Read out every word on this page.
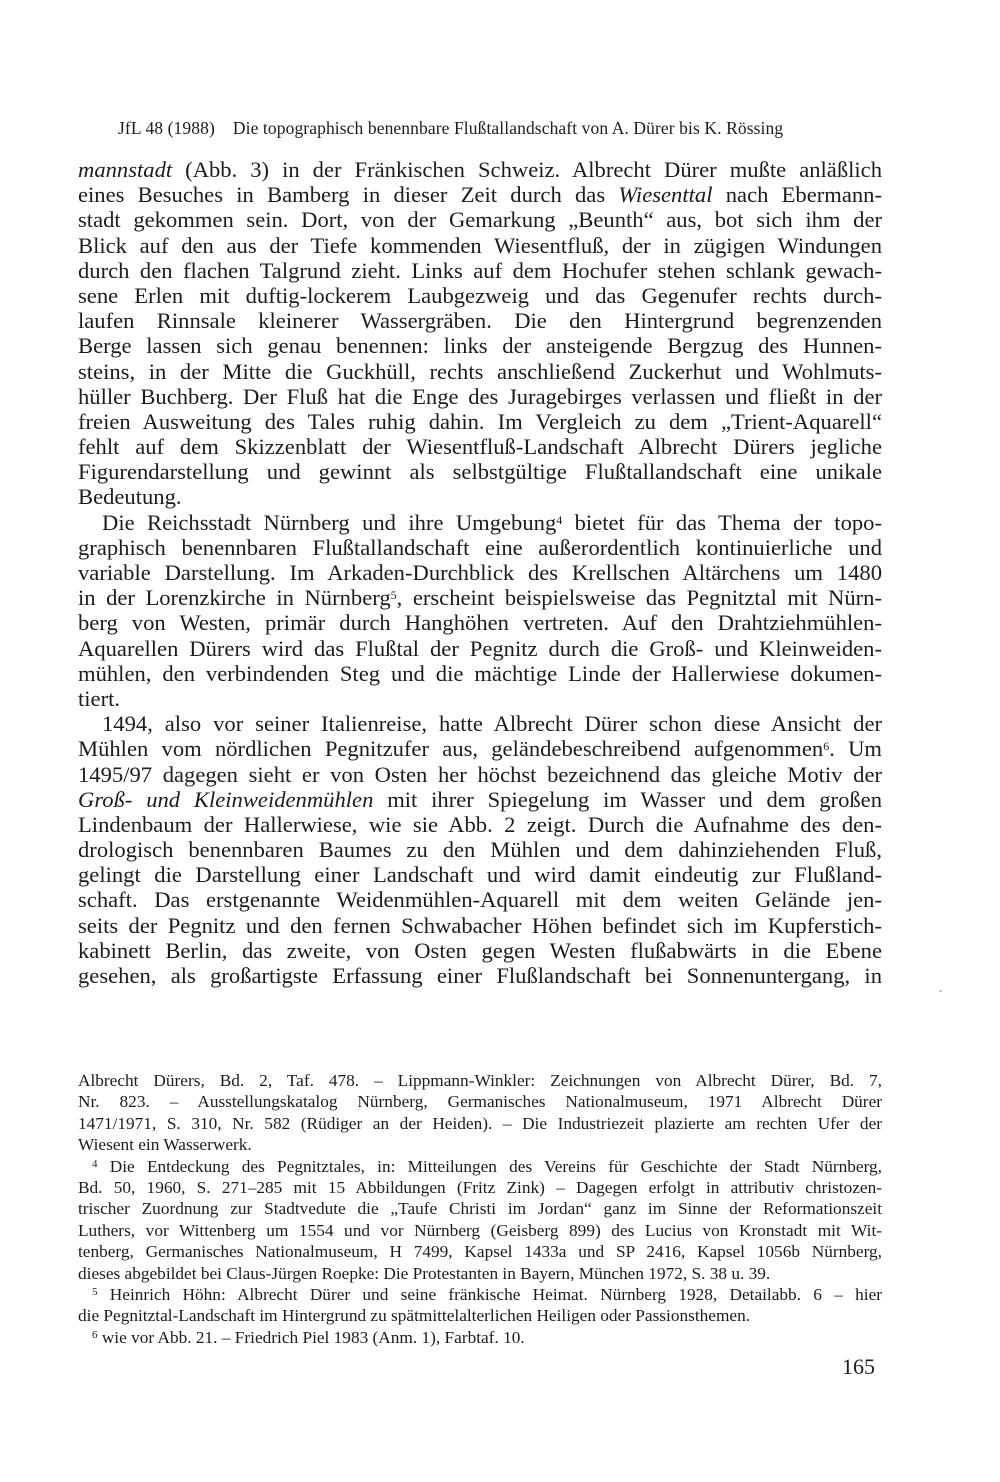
JfL 48 (1988) Die topographisch benennbare Flußtallandschaft von A. Dürer bis K. Rössing
mannstadt (Abb. 3) in der Fränkischen Schweiz. Albrecht Dürer mußte anläßlich
eines Besuches in Bamberg in dieser Zeit durch das Wiesenttal nach Ebermann-
stadt gekommen sein. Dort, von der Gemarkung „Beunth“ aus, bot sich ihm der
Blick auf den aus der Tiefe kommenden Wiesentfluß, der in zügigen Windungen
durch den flachen Talgrund zieht. Links auf dem Hochufer stehen schlank gewach-
sene Erlen mit duftig-lockerem Laubgezweig und das Gegenufer rechts durch-
laufen Rinnsale kleinerer Wassergräben. Die den Hintergrund begrenzenden
Berge lassen sich genau benennen: links der ansteigende Bergzug des Hunnen-
steins, in der Mitte die Guckhüll, rechts anschließend Zuckerhut und Wohlmuts-
hüller Buchberg. Der Fluß hat die Enge des Juragebirges verlassen und fließt in der
freien Ausweitung des Tales ruhig dahin. Im Vergleich zu dem „Trient-Aquarell“
fehlt auf dem Skizzenblatt der Wiesentfluß-Landschaft Albrecht Dürers jegliche
Figurendarstellung und gewinnt als selbstgültige Flußtallandschaft eine unikale
Bedeutung.
Die Reichsstadt Nürnberg und ihre Umgebung$^4$ bietet für das Thema der topo-
graphisch benennbaren Flußtallandschaft eine außerordentlich kontinuierliche und
variable Darstellung. Im Arkaden-Durchblick des Krellschen Altärchens um 1480
in der Lorenzkirche in Nürnberg$^5$, erscheint beispielsweise das Pegnitztal mit Nürn-
berg von Westen, primär durch Hanghöhen vertreten. Auf den Drahtziehmühlen-
Aquarellen Dürers wird das Flußtal der Pegnitz durch die Groß- und Kleinweiden-
mühlen, den verbindenden Steg und die mächtige Linde der Hallerwiese dokumen-
tiert.
1494, also vor seiner Italienreise, hatte Albrecht Dürer schon diese Ansicht der
Mühlen vom nördlichen Pegnitzufer aus, geländebeschreibend aufgenommen$^6$. Um
1495/97 dagegen sieht er von Osten her höchst bezeichnend das gleiche Motiv der
Groß- und Kleinweidenmühlen mit ihrer Spiegelung im Wasser und dem großen
Lindenbaum der Hallerwiese, wie sie Abb. 2 zeigt. Durch die Aufnahme des den-
drologisch benennbaren Baumes zu den Mühlen und dem dahinziehenden Fluß,
gelingt die Darstellung einer Landschaft und wird damit eindeutig zur Flußland-
schaft. Das erstgenannte Weidenmühlen-Aquarell mit dem weiten Gelände jen-
seits der Pegnitz und den fernen Schwabacher Höhen befindet sich im Kupferstich-
kabinett Berlin, das zweite, von Osten gegen Westen flußabwärts in die Ebene
gesehen, als großartigste Erfassung einer Flußlandschaft bei Sonnenuntergang, in
Albrecht Dürers, Bd. 2, Taf. 478. – Lippmann-Winkler: Zeichnungen von Albrecht Dürer, Bd. 7,
Nr. 823. – Ausstellungskatalog Nürnberg, Germanisches Nationalmuseum, 1971 Albrecht Dürer
1471/1971, S. 310, Nr. 582 (Rüdiger an der Heiden). – Die Industriezeit plazierte am rechten Ufer der
Wiesent ein Wasserwerk.
$^4$ Die Entdeckung des Pegnitztales, in: Mitteilungen des Vereins für Geschichte der Stadt Nürnberg,
Bd. 50, 1960, S. 271–285 mit 15 Abbildungen (Fritz Zink) – Dagegen erfolgt in attributiv christozen-
trischer Zuordnung zur Stadtvedute die „Taufe Christi im Jordan“ ganz im Sinne der Reformationszeit
Luthers, vor Wittenberg um 1554 und vor Nürnberg (Geisberg 899) des Lucius von Kronstadt mit Wit-
tenberg, Germanisches Nationalmuseum, H 7499, Kapsel 1433a und SP 2416, Kapsel 1056b Nürnberg,
dieses abgebildet bei Claus-Jürgen Roepke: Die Protestanten in Bayern, München 1972, S. 38 u. 39.
$^5$ Heinrich Höhn: Albrecht Dürer und seine fränkische Heimat. Nürnberg 1928, Detailabb. 6 – hier
die Pegnitztal-Landschaft im Hintergrund zu spätmittelalterlichen Heiligen oder Passionsthemen.
$^6$ wie vor Abb. 21. – Friedrich Piel 1983 (Anm. 1), Farbtaf. 10.
165
